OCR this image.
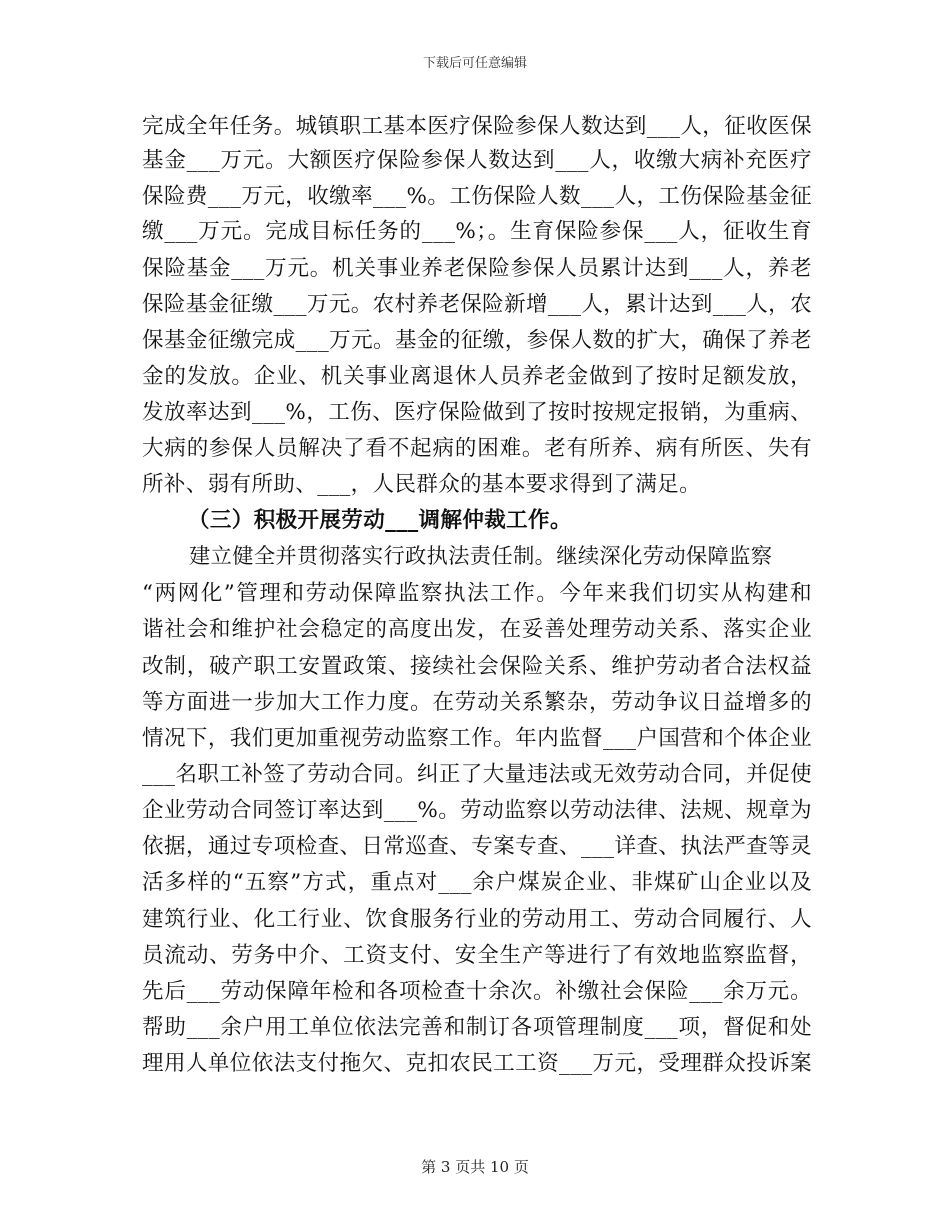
下载后可任意编辑
完成全年任务。城镇职工基本医疗保险参保人数达到___人，征收医保
基金___万元。大额医疗保险参保人数达到___人，收缴大病补充医疗
保险费___万元，收缴率___%。工伤保险人数___人，工伤保险基金征
缴___万元。完成目标任务的___%；。生育保险参保___人，征收生育
保险基金___万元。机关事业养老保险参保人员累计达到___人，养老
保险基金征缴___万元。农村养老保险新增___人，累计达到___人，农
保基金征缴完成___万元。基金的征缴，参保人数的扩大，确保了养老
金的发放。企业、机关事业离退休人员养老金做到了按时足额发放，
发放率达到___%，工伤、医疗保险做到了按时按规定报销，为重病、
大病的参保人员解决了看不起病的困难。老有所养、病有所医、失有
所补、弱有所助、___，人民群众的基本要求得到了满足。
（三）积极开展劳动___调解仲裁工作。
建立健全并贯彻落实行政执法责任制。继续深化劳动保障监察
“两网化”管理和劳动保障监察执法工作。今年来我们切实从构建和
谐社会和维护社会稳定的高度出发，在妥善处理劳动关系、落实企业
改制，破产职工安置政策、接续社会保险关系、维护劳动者合法权益
等方面进一步加大工作力度。在劳动关系繁杂，劳动争议日益增多的
情况下，我们更加重视劳动监察工作。年内监督___户国营和个体企业
___名职工补签了劳动合同。纠正了大量违法或无效劳动合同，并促使
企业劳动合同签订率达到___%。劳动监察以劳动法律、法规、规章为
依据，通过专项检查、日常巡查、专案专查、___详查、执法严查等灵
活多样的“五察”方式，重点对___余户煤炭企业、非煤矿山企业以及
建筑行业、化工行业、饮食服务行业的劳动用工、劳动合同履行、人
员流动、劳务中介、工资支付、安全生产等进行了有效地监察监督，
先后___劳动保障年检和各项检查十余次。补缴社会保险___余万元。
帮助___余户用工单位依法完善和制订各项管理制度___项，督促和处
理用人单位依法支付拖欠、克扣农民工工资___万元，受理群众投诉案
第 3 页共 10 页
